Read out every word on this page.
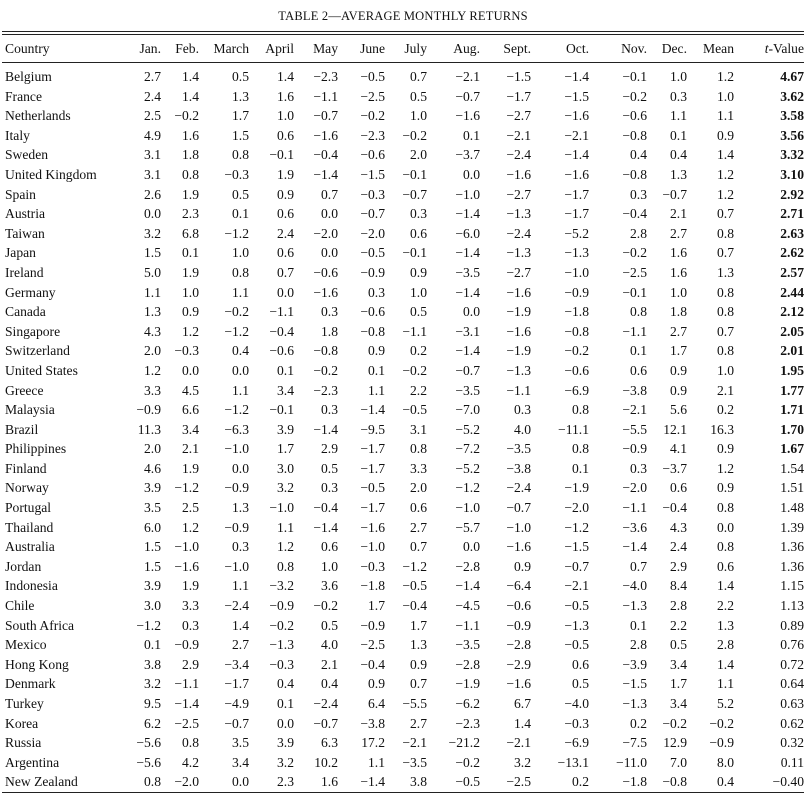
TABLE 2—AVERAGE MONTHLY RETURNS

Country	Jan.	Feb.	March	April	May	June	July	Aug.	Sept.	Oct.	Nov.	Dec.	Mean	t-Value
Belgium	2.7	1.4	0.5	1.4	−2.3	−0.5	0.7	−2.1	−1.5	−1.4	−0.1	1.0	1.2	4.67
France	2.4	1.4	1.3	1.6	−1.1	−2.5	0.5	−0.7	−1.7	−1.5	−0.2	0.3	1.0	3.62
Netherlands	2.5	−0.2	1.7	1.0	−0.7	−0.2	1.0	−1.6	−2.7	−1.6	−0.6	1.1	1.1	3.58
Italy	4.9	1.6	1.5	0.6	−1.6	−2.3	−0.2	0.1	−2.1	−2.1	−0.8	0.1	0.9	3.56
Sweden	3.1	1.8	0.8	−0.1	−0.4	−0.6	2.0	−3.7	−2.4	−1.4	0.4	0.4	1.4	3.32
United Kingdom	3.1	0.8	−0.3	1.9	−1.4	−1.5	−0.1	0.0	−1.6	−1.6	−0.8	1.3	1.2	3.10
Spain	2.6	1.9	0.5	0.9	0.7	−0.3	−0.7	−1.0	−2.7	−1.7	0.3	−0.7	1.2	2.92
Austria	0.0	2.3	0.1	0.6	0.0	−0.7	0.3	−1.4	−1.3	−1.7	−0.4	2.1	0.7	2.71
Taiwan	3.2	6.8	−1.2	2.4	−2.0	−2.0	0.6	−6.0	−2.4	−5.2	2.8	2.7	0.8	2.63
Japan	1.5	0.1	1.0	0.6	0.0	−0.5	−0.1	−1.4	−1.3	−1.3	−0.2	1.6	0.7	2.62
Ireland	5.0	1.9	0.8	0.7	−0.6	−0.9	0.9	−3.5	−2.7	−1.0	−2.5	1.6	1.3	2.57
Germany	1.1	1.0	1.1	0.0	−1.6	0.3	1.0	−1.4	−1.6	−0.9	−0.1	1.0	0.8	2.44
Canada	1.3	0.9	−0.2	−1.1	0.3	−0.6	0.5	0.0	−1.9	−1.8	0.8	1.8	0.8	2.12
Singapore	4.3	1.2	−1.2	−0.4	1.8	−0.8	−1.1	−3.1	−1.6	−0.8	−1.1	2.7	0.7	2.05
Switzerland	2.0	−0.3	0.4	−0.6	−0.8	0.9	0.2	−1.4	−1.9	−0.2	0.1	1.7	0.8	2.01
United States	1.2	0.0	0.0	0.1	−0.2	0.1	−0.2	−0.7	−1.3	−0.6	0.6	0.9	1.0	1.95
Greece	3.3	4.5	1.1	3.4	−2.3	1.1	2.2	−3.5	−1.1	−6.9	−3.8	0.9	2.1	1.77
Malaysia	−0.9	6.6	−1.2	−0.1	0.3	−1.4	−0.5	−7.0	0.3	0.8	−2.1	5.6	0.2	1.71
Brazil	11.3	3.4	−6.3	3.9	−1.4	−9.5	3.1	−5.2	4.0	−11.1	−5.5	12.1	16.3	1.70
Philippines	2.0	2.1	−1.0	1.7	2.9	−1.7	0.8	−7.2	−3.5	0.8	−0.9	4.1	0.9	1.67
Finland	4.6	1.9	0.0	3.0	0.5	−1.7	3.3	−5.2	−3.8	0.1	0.3	−3.7	1.2	1.54
Norway	3.9	−1.2	−0.9	3.2	0.3	−0.5	2.0	−1.2	−2.4	−1.9	−2.0	0.6	0.9	1.51
Portugal	3.5	2.5	1.3	−1.0	−0.4	−1.7	0.6	−1.0	−0.7	−2.0	−1.1	−0.4	0.8	1.48
Thailand	6.0	1.2	−0.9	1.1	−1.4	−1.6	2.7	−5.7	−1.0	−1.2	−3.6	4.3	0.0	1.39
Australia	1.5	−1.0	0.3	1.2	0.6	−1.0	0.7	0.0	−1.6	−1.5	−1.4	2.4	0.8	1.36
Jordan	1.5	−1.6	−1.0	0.8	1.0	−0.3	−1.2	−2.8	0.9	−0.7	0.7	2.9	0.6	1.36
Indonesia	3.9	1.9	1.1	−3.2	3.6	−1.8	−0.5	−1.4	−6.4	−2.1	−4.0	8.4	1.4	1.15
Chile	3.0	3.3	−2.4	−0.9	−0.2	1.7	−0.4	−4.5	−0.6	−0.5	−1.3	2.8	2.2	1.13
South Africa	−1.2	0.3	1.4	−0.2	0.5	−0.9	1.7	−1.1	−0.9	−1.3	0.1	2.2	1.3	0.89
Mexico	0.1	−0.9	2.7	−1.3	4.0	−2.5	1.3	−3.5	−2.8	−0.5	2.8	0.5	2.8	0.76
Hong Kong	3.8	2.9	−3.4	−0.3	2.1	−0.4	0.9	−2.8	−2.9	0.6	−3.9	3.4	1.4	0.72
Denmark	3.2	−1.1	−1.7	0.4	0.4	0.9	0.7	−1.9	−1.6	0.5	−1.5	1.7	1.1	0.64
Turkey	9.5	−1.4	−4.9	0.1	−2.4	6.4	−5.5	−6.2	6.7	−4.0	−1.3	3.4	5.2	0.63
Korea	6.2	−2.5	−0.7	0.0	−0.7	−3.8	2.7	−2.3	1.4	−0.3	0.2	−0.2	−0.2	0.62
Russia	−5.6	0.8	3.5	3.9	6.3	17.2	−2.1	−21.2	−2.1	−6.9	−7.5	12.9	−0.9	0.32
Argentina	−5.6	4.2	3.4	3.2	10.2	1.1	−3.5	−0.2	3.2	−13.1	−11.0	7.0	8.0	0.11
New Zealand	0.8	−2.0	0.0	2.3	1.6	−1.4	3.8	−0.5	−2.5	0.2	−1.8	−0.8	0.4	−0.40
